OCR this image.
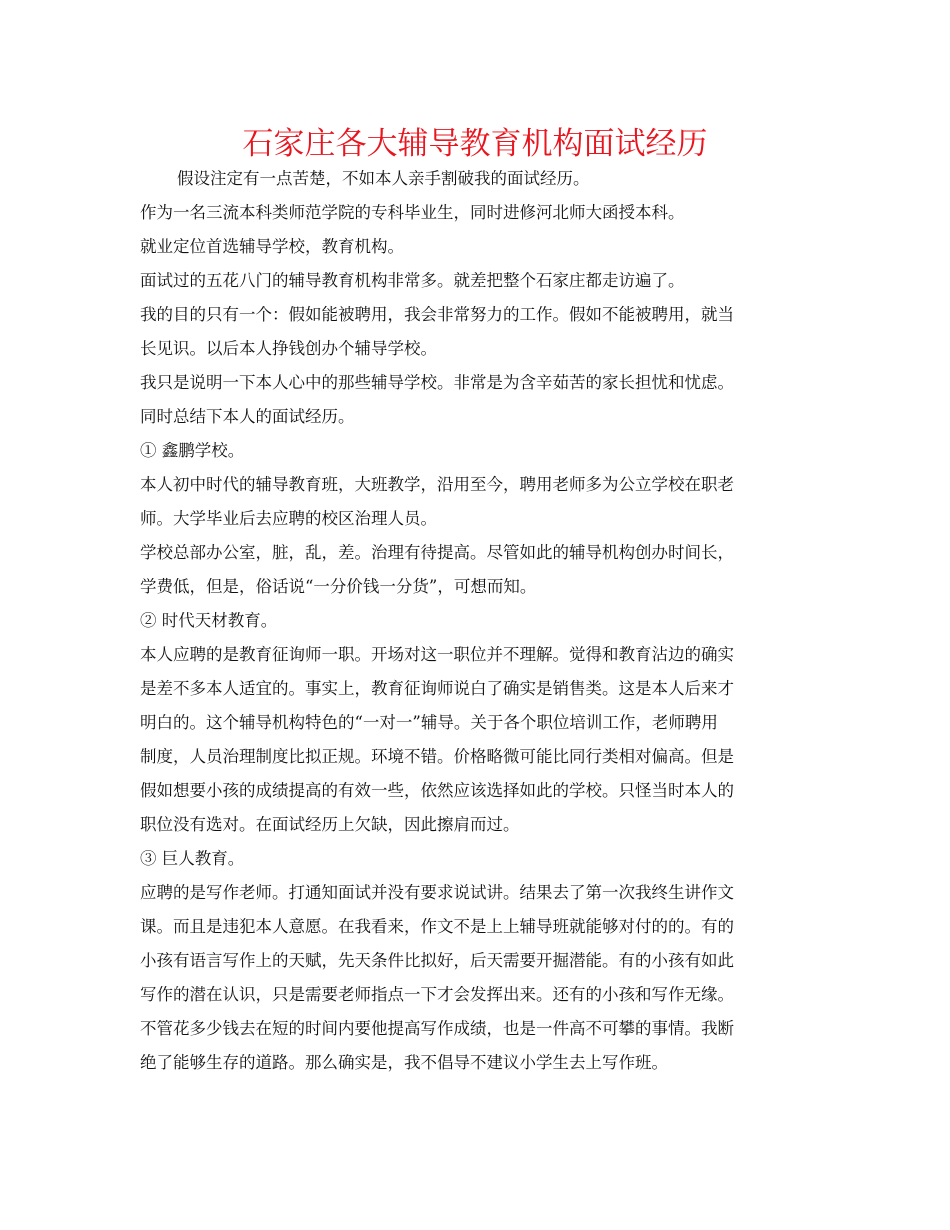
石家庄各大辅导教育机构面试经历
假设注定有一点苦楚，不如本人亲手割破我的面试经历。
作为一名三流本科类师范学院的专科毕业生，同时进修河北师大函授本科。
就业定位首选辅导学校，教育机构。
面试过的五花八门的辅导教育机构非常多。就差把整个石家庄都走访遍了。
我的目的只有一个：假如能被聘用，我会非常努力的工作。假如不能被聘用，就当
长见识。以后本人挣钱创办个辅导学校。
我只是说明一下本人心中的那些辅导学校。非常是为含辛茹苦的家长担忧和忧虑。
同时总结下本人的面试经历。
① 鑫鹏学校。
本人初中时代的辅导教育班，大班教学，沿用至今，聘用老师多为公立学校在职老
师。大学毕业后去应聘的校区治理人员。
学校总部办公室，脏，乱，差。治理有待提高。尽管如此的辅导机构创办时间长，
学费低，但是，俗话说“一分价钱一分货”，可想而知。
② 时代天材教育。
本人应聘的是教育征询师一职。开场对这一职位并不理解。觉得和教育沾边的确实
是差不多本人适宜的。事实上，教育征询师说白了确实是销售类。这是本人后来才
明白的。这个辅导机构特色的“一对一”辅导。关于各个职位培训工作，老师聘用
制度，人员治理制度比拟正规。环境不错。价格略微可能比同行类相对偏高。但是
假如想要小孩的成绩提高的有效一些，依然应该选择如此的学校。只怪当时本人的
职位没有选对。在面试经历上欠缺，因此擦肩而过。
③ 巨人教育。
应聘的是写作老师。打通知面试并没有要求说试讲。结果去了第一次我终生讲作文
课。而且是违犯本人意愿。在我看来，作文不是上上辅导班就能够对付的的。有的
小孩有语言写作上的天赋，先天条件比拟好，后天需要开掘潜能。有的小孩有如此
写作的潜在认识，只是需要老师指点一下才会发挥出来。还有的小孩和写作无缘。
不管花多少钱去在短的时间内要他提高写作成绩，也是一件高不可攀的事情。我断
绝了能够生存的道路。那么确实是，我不倡导不建议小学生去上写作班。
